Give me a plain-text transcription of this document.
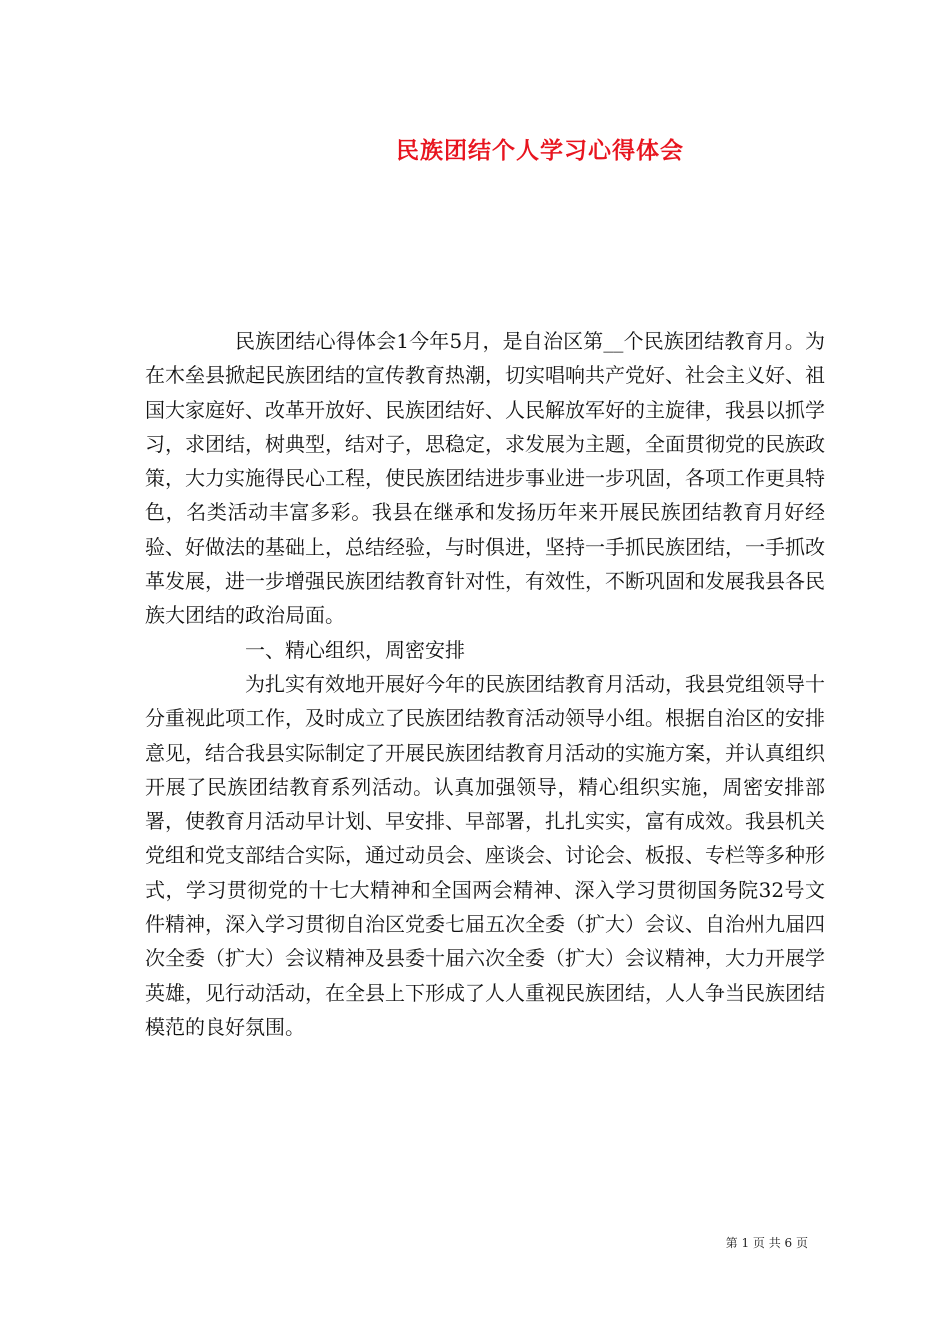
民族团结个人学习心得体会

民族团结心得体会1今年5月，是自治区第__个民族团结教育月。为在木垒县掀起民族团结的宣传教育热潮，切实唱响共产党好、社会主义好、祖国大家庭好、改革开放好、民族团结好、人民解放军好的主旋律，我县以抓学习，求团结，树典型，结对子，思稳定，求发展为主题，全面贯彻党的民族政策，大力实施得民心工程，使民族团结进步事业进一步巩固，各项工作更具特色，名类活动丰富多彩。我县在继承和发扬历年来开展民族团结教育月好经验、好做法的基础上，总结经验，与时俱进，坚持一手抓民族团结，一手抓改革发展，进一步增强民族团结教育针对性，有效性，不断巩固和发展我县各民族大团结的政治局面。

一、精心组织，周密安排

为扎实有效地开展好今年的民族团结教育月活动，我县党组领导十分重视此项工作，及时成立了民族团结教育活动领导小组。根据自治区的安排意见，结合我县实际制定了开展民族团结教育月活动的实施方案，并认真组织开展了民族团结教育系列活动。认真加强领导，精心组织实施，周密安排部署，使教育月活动早计划、早安排、早部署，扎扎实实，富有成效。我县机关党组和党支部结合实际，通过动员会、座谈会、讨论会、板报、专栏等多种形式，学习贯彻党的十七大精神和全国两会精神、深入学习贯彻国务院32号文件精神，深入学习贯彻自治区党委七届五次全委（扩大）会议、自治州九届四次全委（扩大）会议精神及县委十届六次全委（扩大）会议精神，大力开展学英雄，见行动活动，在全县上下形成了人人重视民族团结，人人争当民族团结模范的良好氛围。

第 1 页 共 6 页
